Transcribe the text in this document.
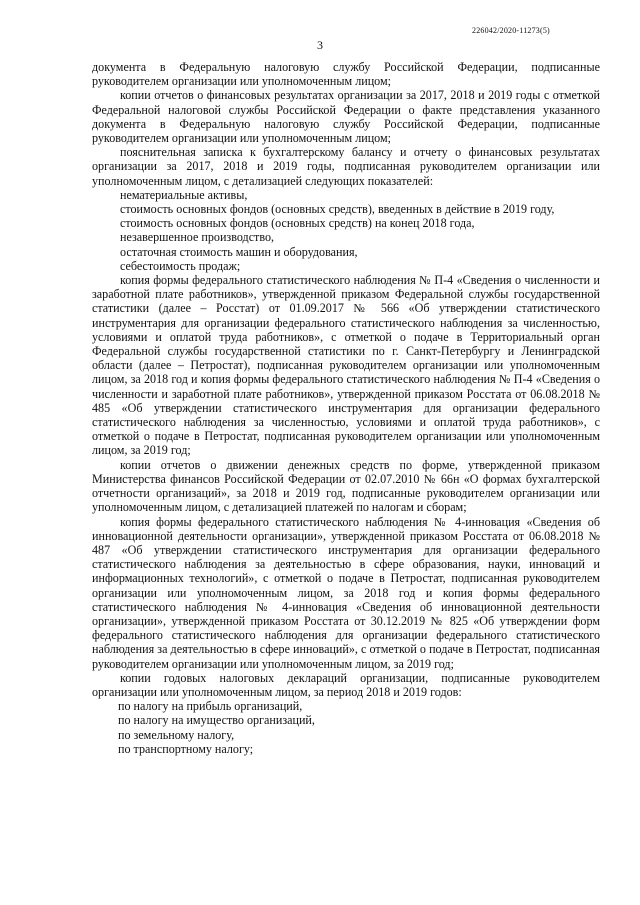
226042/2020-11273(5)
3

документа в Федеральную налоговую службу Российской Федерации, подписанные руководителем организации или уполномоченным лицом;

копии отчетов о финансовых результатах организации за 2017, 2018 и 2019 годы с отметкой Федеральной налоговой службы Российской Федерации о факте представления указанного документа в Федеральную налоговую службу Российской Федерации, подписанные руководителем организации или уполномоченным лицом;

пояснительная записка к бухгалтерскому балансу и отчету о финансовых результатах организации за 2017, 2018 и 2019 годы, подписанная руководителем организации или уполномоченным лицом, с детализацией следующих показателей:

нематериальные активы,

стоимость основных фондов (основных средств), введенных в действие в 2019 году,

стоимость основных фондов (основных средств) на конец 2018 года,

незавершенное производство,

остаточная стоимость машин и оборудования,

себестоимость продаж;

копия формы федерального статистического наблюдения № П-4 «Сведения о численности и заработной плате работников», утвержденной приказом Федеральной службы государственной статистики (далее – Росстат) от 01.09.2017 № 566 «Об утверждении статистического инструментария для организации федерального статистического наблюдения за численностью, условиями и оплатой труда работников», с отметкой о подаче в Территориальный орган Федеральной службы государственной статистики по г. Санкт-Петербургу и Ленинградской области (далее – Петростат), подписанная руководителем организации или уполномоченным лицом, за 2018 год и копия формы федерального статистического наблюдения № П-4 «Сведения о численности и заработной плате работников», утвержденной приказом Росстата от 06.08.2018 № 485 «Об утверждении статистического инструментария для организации федерального статистического наблюдения за численностью, условиями и оплатой труда работников», с отметкой о подаче в Петростат, подписанная руководителем организации или уполномоченным лицом, за 2019 год;

копии отчетов о движении денежных средств по форме, утвержденной приказом Министерства финансов Российской Федерации от 02.07.2010 № 66н «О формах бухгалтерской отчетности организаций», за 2018 и 2019 год, подписанные руководителем организации или уполномоченным лицом, с детализацией платежей по налогам и сборам;

копия формы федерального статистического наблюдения № 4-инновация «Сведения об инновационной деятельности организации», утвержденной приказом Росстата от 06.08.2018 № 487 «Об утверждении статистического инструментария для организации федерального статистического наблюдения за деятельностью в сфере образования, науки, инноваций и информационных технологий», с отметкой о подаче в Петростат, подписанная руководителем организации или уполномоченным лицом, за 2018 год и копия формы федерального статистического наблюдения № 4-инновация «Сведения об инновационной деятельности организации», утвержденной приказом Росстата от 30.12.2019 № 825 «Об утверждении форм федерального статистического наблюдения для организации федерального статистического наблюдения за деятельностью в сфере инноваций», с отметкой о подаче в Петростат, подписанная руководителем организации или уполномоченным лицом, за 2019 год;

копии годовых налоговых деклараций организации, подписанные руководителем организации или уполномоченным лицом, за период 2018 и 2019 годов:

по налогу на прибыль организаций,

по налогу на имущество организаций,

по земельному налогу,

по транспортному налогу;
